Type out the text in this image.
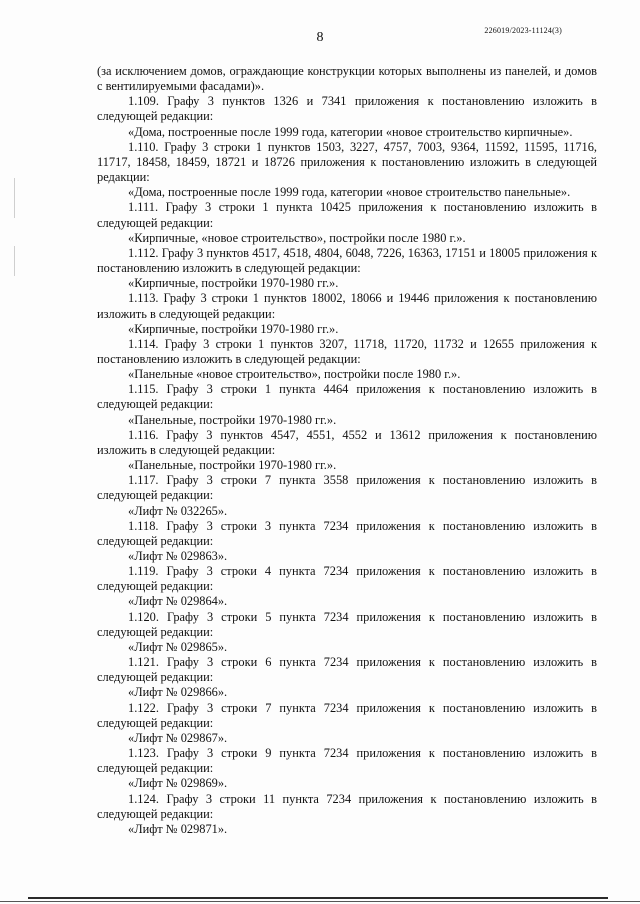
8	226019/2023-11124(3)

(за исключением домов, ограждающие конструкции которых выполнены из панелей, и домов с вентилируемыми фасадами)».

1.109. Графу 3 пунктов 1326 и 7341 приложения к постановлению изложить в следующей редакции:

«Дома, построенные после 1999 года, категории «новое строительство кирпичные».

1.110. Графу 3 строки 1 пунктов 1503, 3227, 4757, 7003, 9364, 11592, 11595, 11716, 11717, 18458, 18459, 18721 и 18726 приложения к постановлению изложить в следующей редакции:

«Дома, построенные после 1999 года, категории «новое строительство панельные».

1.111. Графу 3 строки 1 пункта 10425 приложения к постановлению изложить в следующей редакции:

«Кирпичные, «новое строительство», постройки после 1980 г.».

1.112. Графу 3 пунктов 4517, 4518, 4804, 6048, 7226, 16363, 17151 и 18005 приложения к постановлению изложить в следующей редакции:

«Кирпичные, постройки 1970-1980 гг.».

1.113. Графу 3 строки 1 пунктов 18002, 18066 и 19446 приложения к постановлению изложить в следующей редакции:

«Кирпичные, постройки 1970-1980 гг.».

1.114. Графу 3 строки 1 пунктов 3207, 11718, 11720, 11732 и 12655 приложения к постановлению изложить в следующей редакции:

«Панельные «новое строительство», постройки после 1980 г.».

1.115. Графу 3 строки 1 пункта 4464 приложения к постановлению изложить в следующей редакции:

«Панельные, постройки 1970-1980 гг.».

1.116. Графу 3 пунктов 4547, 4551, 4552 и 13612 приложения к постановлению изложить в следующей редакции:

«Панельные, постройки 1970-1980 гг.».

1.117. Графу 3 строки 7 пункта 3558 приложения к постановлению изложить в следующей редакции:

«Лифт № 032265».

1.118. Графу 3 строки 3 пункта 7234 приложения к постановлению изложить в следующей редакции:

«Лифт № 029863».

1.119. Графу 3 строки 4 пункта 7234 приложения к постановлению изложить в следующей редакции:

«Лифт № 029864».

1.120. Графу 3 строки 5 пункта 7234 приложения к постановлению изложить в следующей редакции:

«Лифт № 029865».

1.121. Графу 3 строки 6 пункта 7234 приложения к постановлению изложить в следующей редакции:

«Лифт № 029866».

1.122. Графу 3 строки 7 пункта 7234 приложения к постановлению изложить в следующей редакции:

«Лифт № 029867».

1.123. Графу 3 строки 9 пункта 7234 приложения к постановлению изложить в следующей редакции:

«Лифт № 029869».

1.124. Графу 3 строки 11 пункта 7234 приложения к постановлению изложить в следующей редакции:

«Лифт № 029871».
